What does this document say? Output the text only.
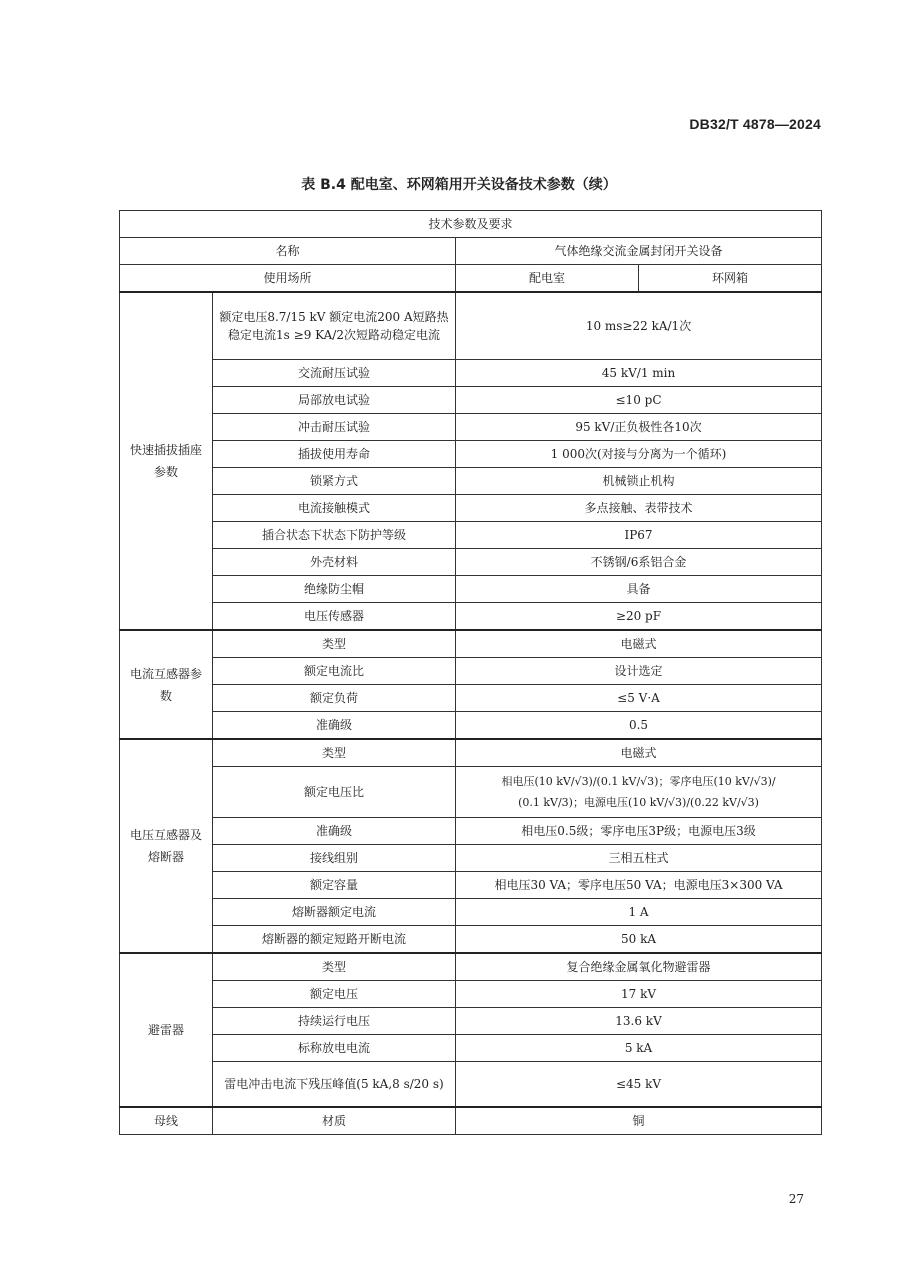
DB32/T 4878—2024
表 B.4 配电室、环网箱用开关设备技术参数（续）
技术参数及要求			
名称		气体绝缘交流金属封闭开关设备	
使用场所		配电室	环网箱

快速插拔插座参数	额定电压8.7/15 kV 额定电流200 A短路热稳定电流1s ≥9 KA/2次短路动稳定电流	10 ms≥22 kA/1次	
	交流耐压试验	45 kV/1 min	
	局部放电试验	≤10 pC	
	冲击耐压试验	95 kV/正负极性各10次	
	插拔使用寿命	1 000次(对接与分离为一个循环)	
	锁紧方式	机械锁止机构	
	电流接触模式	多点接触、表带技术	
	插合状态下状态下防护等级	IP67	
	外壳材料	不锈钢/6系铝合金	
	绝缘防尘帽	具备	
	电压传感器	≥20 pF	

电流互感器参数	类型	电磁式	
	额定电流比	设计选定	
	额定负荷	≤5 V·A	
	准确级	0.5	

电压互感器及熔断器	类型	电磁式	
	额定电压比	相电压(10 kV/√3)/(0.1 kV/√3)；零序电压(10 kV/√3)/
(0.1 kV/3)；电源电压(10 kV/√3)/(0.22 kV/√3)	

	准确级	相电压0.5级；零序电压3P级；电源电压3级	
	接线组别	三相五柱式	
	额定容量	相电压30 VA；零序电压50 VA；电源电压3×300 VA	
	熔断器额定电流	1 A	
	熔断器的额定短路开断电流	50 kA	
避雷器	类型	复合绝缘金属氧化物避雷器	
	额定电压	17 kV	
	持续运行电压	13.6 kV	
	标称放电电流	5 kA	
	雷电冲击电流下残压峰值(5 kA,8 s/20 s)	≤45 kV	
母线	材质	铜	
27
